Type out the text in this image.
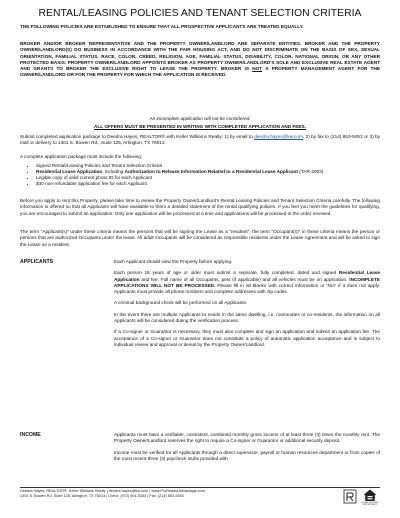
RENTAL/LEASING POLICIES AND TENANT SELECTION CRITERIA

THE FOLLOWING POLICIES ARE ESTABLISHED TO ENSURE THAT ALL PROSPECTIVE APPLICANTS ARE TREATED EQUALLY.

BROKER AND/OR BROKER REPRESENTATIVE AND THE PROPERTY OWNER/LANDLORD ARE SEPARATE ENTITIES. BROKER AND THE PROPERTY OWNER/LANDLORD(S) DO BUSINESS IN ACCORDANCE WITH THE FAIR HOUSING ACT, AND DO NOT DISCRIMINATE ON THE BASIS OF SEX, SEXUAL ORIENTATION, FAMILIAL STATUS, RACE, COLOR, CREED, RELIGION, AGE, FAMILIAL STATUS, DISABILITY, COLOR, NATIONAL ORIGIN, OR ANY OTHER PROTECTED BASIS. PROPERTY OWNER/LANDLORD APPOINTS BROKER AS PROPERTY OWNER/LANDLORD'S SOLE AND EXCLUSIVE REAL ESTATE AGENT AND GRANTS TO BROKER THE EXCLUSIVE RIGHT TO LEASE THE PROPERTY. BROKER IS NOT A PROPERTY MANAGEMENT AGENT FOR THE OWNER/LANDLORD OR FOR THE PROPERTY FOR WHICH THE APPLICATION IS RECEIVED.

An incomplete application will not be considered.

ALL OFFERS MUST BE PRESENTED IN WRITING WITH COMPLETED APPLICATION AND FEES.

Submit completed application package to Deedra Hayes, REALTOR® with Keller Williams Realty: 1) by email to deedra.hayes@kw.com, 2) by fax to (214) 853-9453 or 3) by mail or delivery to 1301 S. Bowen Rd., Suite 125, Arlington, TX 76013.

A complete application package must include the following:

• Signed Rental/Leasing Policies and Tenant Selection Criteria
• Residential Lease Application, including Authorization to Release Information Related to a Residential Lease Applicant (TAR-2003)
• Legible copy of valid current photo ID for each Applicant
• $30 non-refundable application fee for each Applicant

Before you apply to rent this Property, please take time to review the Property Owner/Landlord's Rental Leasing Policies and Tenant Selection Criteria carefully. The following information is offered so that all Applicants will have available to them a detailed statement of the rental qualifying policies. If you feel you meet the guidelines for qualifying, you are encouraged to submit an application. Only one application will be processed at a time and applications will be processed in the order received.

The term "Applicant(s)" under these criteria means the persons that will be signing the Lease as a "resident", the term "Occupant(s)" in these criteria means the person or persons that are authorized Occupants under the lease. All adult Occupants will be considered as responsible residents under the Lease Agreement and will be asked to sign the Lease as a resident.

APPLICANTS	Each Applicant should view the Property before applying.

Each person 18 years of age or older must submit a separate, fully completed, dated and signed Residential Lease Application and fee. Full name of all Occupants, pets (if applicable) and all vehicles must be on application. INCOMPLETE APPLICATIONS WILL NOT BE PROCESSED. Please fill in all blanks with correct information or 'N/A' if it does not apply. Applicants must provide all phone numbers and complete addresses with zip codes.

A criminal background check will be performed on all Applicants.

In the event there are multiple Applicants to reside in the same dwelling, i.e. roommates or co-residents, the information on all Applicants will be considered during the verification process.

If a Co-signer or Guarantor is necessary, they must also complete and sign an application and submit an application fee. The acceptance of a Co-signer or Guarantor does not constitute a policy of automatic application acceptance and is subject to individual review and approval or denial by the Property Owner/Landlord.

INCOME	Applicants must have a verifiable, consistent, combined monthly gross income of at least three (3) times the monthly rent. The Property Owner/Landlord reserves the right to require a Co-signer or Guarantor or additional security deposit.

Income must be verified for all Applicants through a direct supervisor, payroll or human resources department or from copies of the most recent three (3) paycheck stubs provided with

Deedra Hayes, REALTOR®, Keller Williams Realty | deedra.hayes@kw.com | www.ProRealtorAdvantage.com
1301 S. Bowen Rd. Suite 125, Arlington, TX 76013 | Direct: (972) 891-9253 | Fax: (214) 853-9453
EQUAL HOUSING OPPORTUNITY
